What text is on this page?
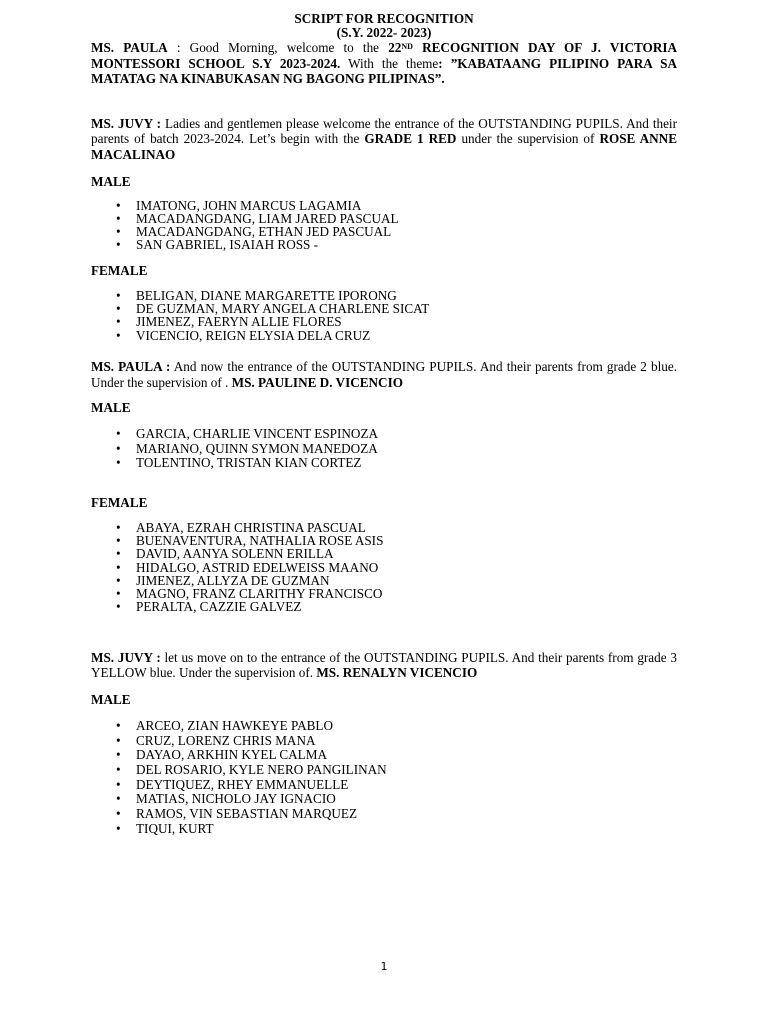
SCRIPT FOR RECOGNITION
(S.Y. 2022- 2023)

MS. PAULA : Good Morning, welcome to the 22ND RECOGNITION DAY OF J. VICTORIA MONTESSORI SCHOOL S.Y 2023-2024. With the theme: ”KABATAANG PILIPINO PARA SA MATATAG NA KINABUKASAN NG BAGONG PILIPINAS”.

MS. JUVY : Ladies and gentlemen please welcome the entrance of the OUTSTANDING PUPILS. And their parents of batch 2023-2024. Let’s begin with the GRADE 1 RED under the supervision of ROSE ANNE MACALINAO

MALE
• IMATONG, JOHN MARCUS LAGAMIA
• MACADANGDANG, LIAM JARED PASCUAL
• MACADANGDANG, ETHAN JED PASCUAL
• SAN GABRIEL, ISAIAH ROSS -
FEMALE
• BELIGAN, DIANE MARGARETTE IPORONG
• DE GUZMAN, MARY ANGELA CHARLENE SICAT
• JIMENEZ, FAERYN ALLIE FLORES
• VICENCIO, REIGN ELYSIA DELA CRUZ

MS. PAULA : And now the entrance of the OUTSTANDING PUPILS. And their parents from grade 2 blue. Under the supervision of . MS. PAULINE D. VICENCIO

MALE
• GARCIA, CHARLIE VINCENT ESPINOZA
• MARIANO, QUINN SYMON MANEDOZA
• TOLENTINO, TRISTAN KIAN CORTEZ
FEMALE
• ABAYA, EZRAH CHRISTINA PASCUAL
• BUENAVENTURA, NATHALIA ROSE ASIS
• DAVID, AANYA SOLENN ERILLA
• HIDALGO, ASTRID EDELWEISS MAANO
• JIMENEZ, ALLYZA DE GUZMAN
• MAGNO, FRANZ CLARITHY FRANCISCO
• PERALTA, CAZZIE GALVEZ

MS. JUVY : let us move on to the entrance of the OUTSTANDING PUPILS. And their parents from grade 3 YELLOW blue. Under the supervision of. MS. RENALYN VICENCIO

MALE
• ARCEO, ZIAN HAWKEYE PABLO
• CRUZ, LORENZ CHRIS MANA
• DAYAO, ARKHIN KYEL CALMA
• DEL ROSARIO, KYLE NERO PANGILINAN
• DEYTIQUEZ, RHEY EMMANUELLE
• MATIAS, NICHOLO JAY IGNACIO
• RAMOS, VIN SEBASTIAN MARQUEZ
• TIQUI, KURT
1
